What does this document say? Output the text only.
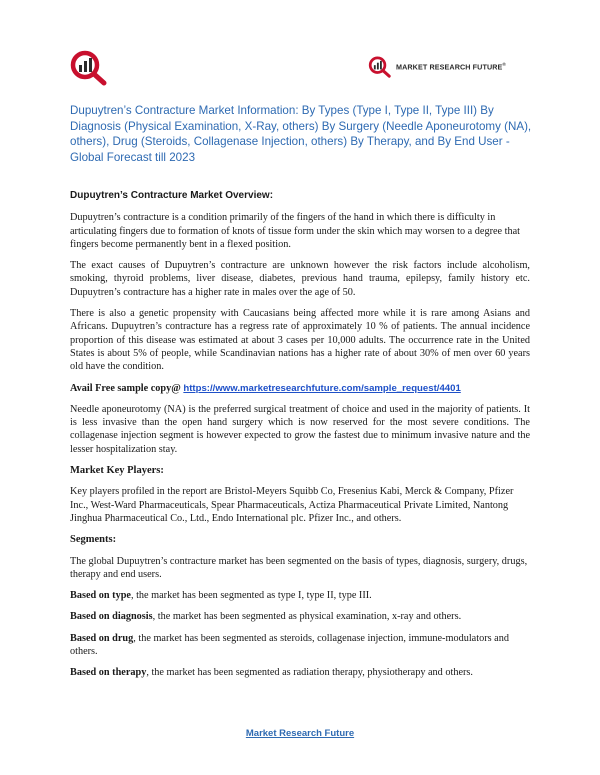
MARKET RESEARCH FUTURE®
Dupuytren’s Contracture Market Information: By Types (Type I, Type II, Type III) By Diagnosis (Physical Examination, X-Ray, others) By Surgery (Needle Aponeurotomy (NA), others), Drug (Steroids, Collagenase Injection, others) By Therapy, and By End User - Global Forecast till 2023
Dupuytren’s Contracture Market Overview:

Dupuytren’s contracture is a condition primarily of the fingers of the hand in which there is difficulty in articulating fingers due to formation of knots of tissue form under the skin which may worsen to a degree that fingers become permanently bent in a flexed position.

The exact causes of Dupuytren’s contracture are unknown however the risk factors include alcoholism, smoking, thyroid problems, liver disease, diabetes, previous hand trauma, epilepsy, family history etc. Dupuytren’s contracture has a higher rate in males over the age of 50.

There is also a genetic propensity with Caucasians being affected more while it is rare among Asians and Africans. Dupuytren’s contracture has a regress rate of approximately 10 % of patients. The annual incidence proportion of this disease was estimated at about 3 cases per 10,000 adults. The occurrence rate in the United States is about 5% of people, while Scandinavian nations has a higher rate of about 30% of men over 60 years old have the condition.

Avail Free sample copy@ https://www.marketresearchfuture.com/sample_request/4401

Needle aponeurotomy (NA) is the preferred surgical treatment of choice and used in the majority of patients. It is less invasive than the open hand surgery which is now reserved for the most severe conditions. The collagenase injection segment is however expected to grow the fastest due to minimum invasive nature and the lesser hospitalization stay.

Market Key Players:

Key players profiled in the report are Bristol-Meyers Squibb Co, Fresenius Kabi, Merck & Company, Pfizer Inc., West-Ward Pharmaceuticals, Spear Pharmaceuticals, Actiza Pharmaceutical Private Limited, Nantong Jinghua Pharmaceutical Co., Ltd., Endo International plc. Pfizer Inc., and others.

Segments:

The global Dupuytren’s contracture market has been segmented on the basis of types, diagnosis, surgery, drugs, therapy and end users.

Based on type, the market has been segmented as type I, type II, type III.

Based on diagnosis, the market has been segmented as physical examination, x-ray and others.

Based on drug, the market has been segmented as steroids, collagenase injection, immune-modulators and others.

Based on therapy, the market has been segmented as radiation therapy, physiotherapy and others.

Market Research Future
